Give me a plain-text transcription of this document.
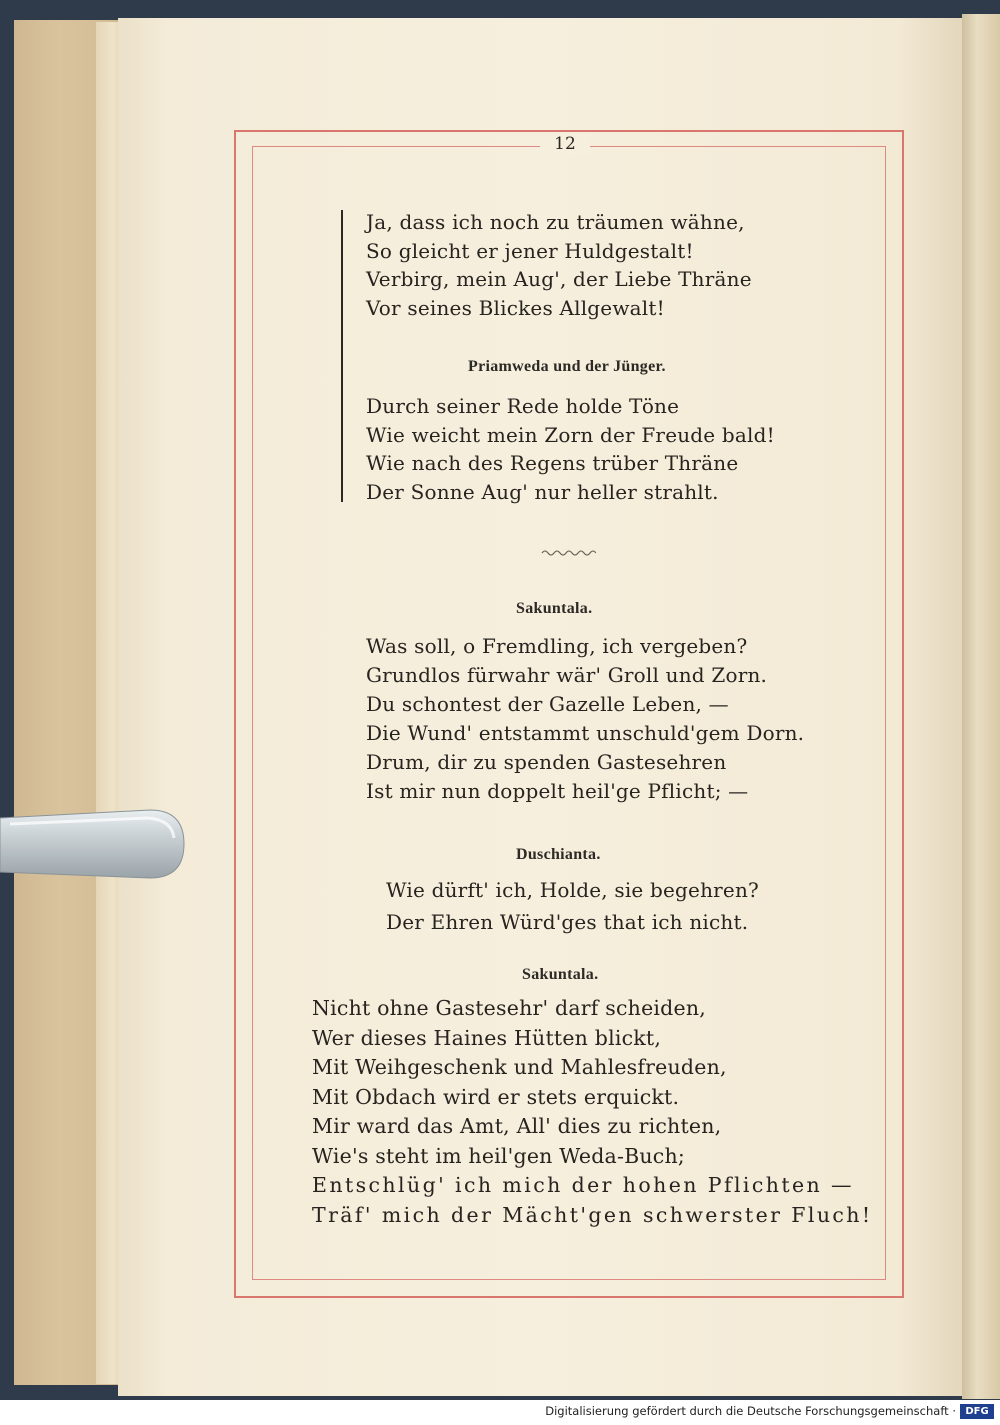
12
Ja, dass ich noch zu träumen wähne,
So gleicht er jener Huldgestalt!
Verbirg, mein Aug', der Liebe Thräne
Vor seines Blickes Allgewalt!
Priamweda und der Jünger.
Durch seiner Rede holde Töne
Wie weicht mein Zorn der Freude bald!
Wie nach des Regens trüber Thräne
Der Sonne Aug' nur heller strahlt.
Sakuntala.
Was soll, o Fremdling, ich vergeben?
Grundlos fürwahr wär' Groll und Zorn.
Du schontest der Gazelle Leben, —
Die Wund' entstammt unschuld'gem Dorn.
Drum, dir zu spenden Gastesehren
Ist mir nun doppelt heil'ge Pflicht; —
Duschianta.
Wie dürft' ich, Holde, sie begehren?
Der Ehren Würd'ges that ich nicht.
Sakuntala.
Nicht ohne Gastesehr' darf scheiden,
Wer dieses Haines Hütten blickt,
Mit Weihgeschenk und Mahlesfreuden,
Mit Obdach wird er stets erquickt.
Mir ward das Amt, All' dies zu richten,
Wie's steht im heil'gen Weda-Buch;
Entschlüg' ich mich der hohen Pflichten —
Träf' mich der Mächt'gen schwerster Fluch!
Digitalisierung gefördert durch die Deutsche Forschungsgemeinschaft · DFG
